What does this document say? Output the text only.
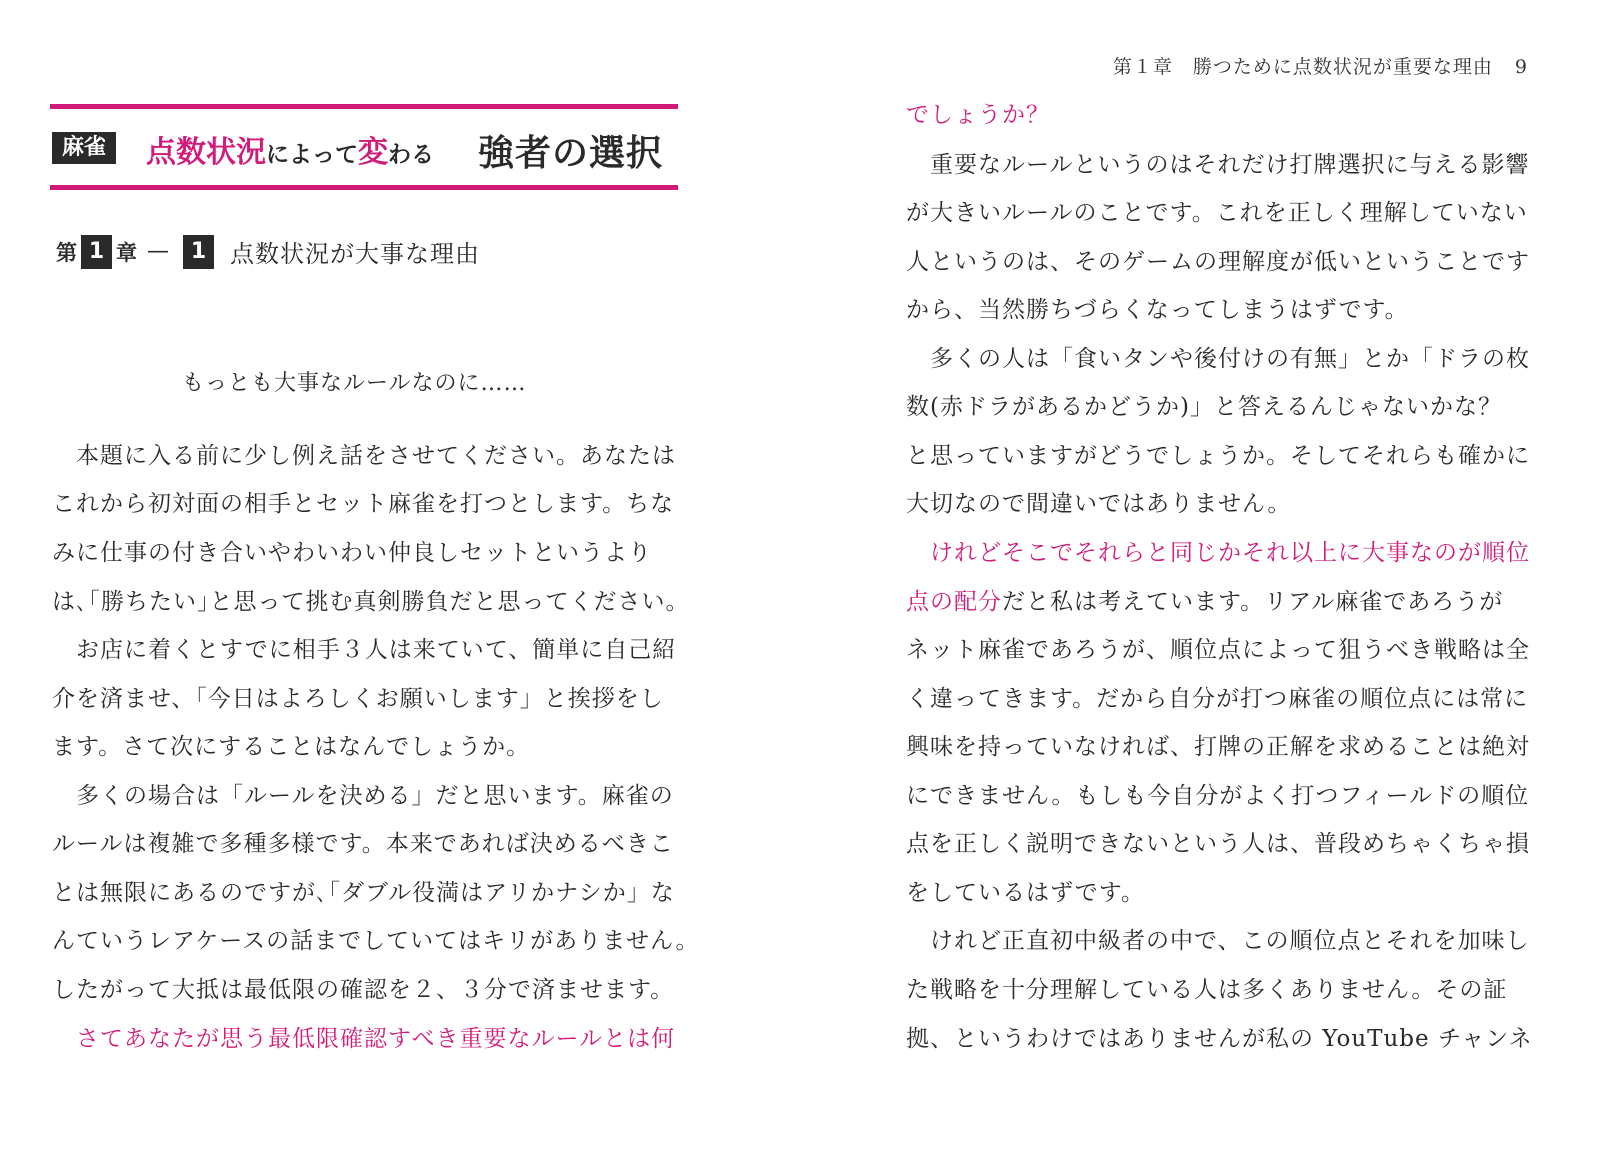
麻雀	点数状況によって変わる 強者の選択
第 1 章 — 1 点数状況が大事な理由
もっとも大事なルールなのに……
本題に入る前に少し例え話をさせてください。あなたは
これから初対面の相手とセット麻雀を打つとします。ちな
みに仕事の付き合いやわいわい仲良しセットというより
は､｢勝ちたい｣と思って挑む真剣勝負だと思ってください。
お店に着くとすでに相手３人は来ていて、簡単に自己紹
介を済ませ、｢今日はよろしくお願いします」と挨拶をし
ます。さて次にすることはなんでしょうか。
多くの場合は「ルールを決める」だと思います。麻雀の
ルールは複雑で多種多様です。本来であれば決めるべきこ
とは無限にあるのですが､｢ダブル役満はアリかナシか」な
んていうレアケースの話までしていてはキリがありません。
したがって大抵は最低限の確認を２、３分で済ませます。
さてあなたが思う最低限確認すべき重要なルールとは何
第１章　勝つために点数状況が重要な理由 9
でしょうか？
重要なルールというのはそれだけ打牌選択に与える影響
が大きいルールのことです。これを正しく理解していない
人というのは、そのゲームの理解度が低いということです
から、当然勝ちづらくなってしまうはずです。
多くの人は「食いタンや後付けの有無」とか「ドラの枚
数(赤ドラがあるかどうか)」と答えるんじゃないかな？
と思っていますがどうでしょうか。そしてそれらも確かに
大切なので間違いではありません。
けれどそこでそれらと同じかそれ以上に大事なのが順位
点の配分だと私は考えています。リアル麻雀であろうが
ネット麻雀であろうが、順位点によって狙うべき戦略は全
く違ってきます。だから自分が打つ麻雀の順位点には常に
興味を持っていなければ、打牌の正解を求めることは絶対
にできません。もしも今自分がよく打つフィールドの順位
点を正しく説明できないという人は、普段めちゃくちゃ損
をしているはずです。
けれど正直初中級者の中で、この順位点とそれを加味し
た戦略を十分理解している人は多くありません。その証
拠、というわけではありませんが私の YouTube チャンネ
